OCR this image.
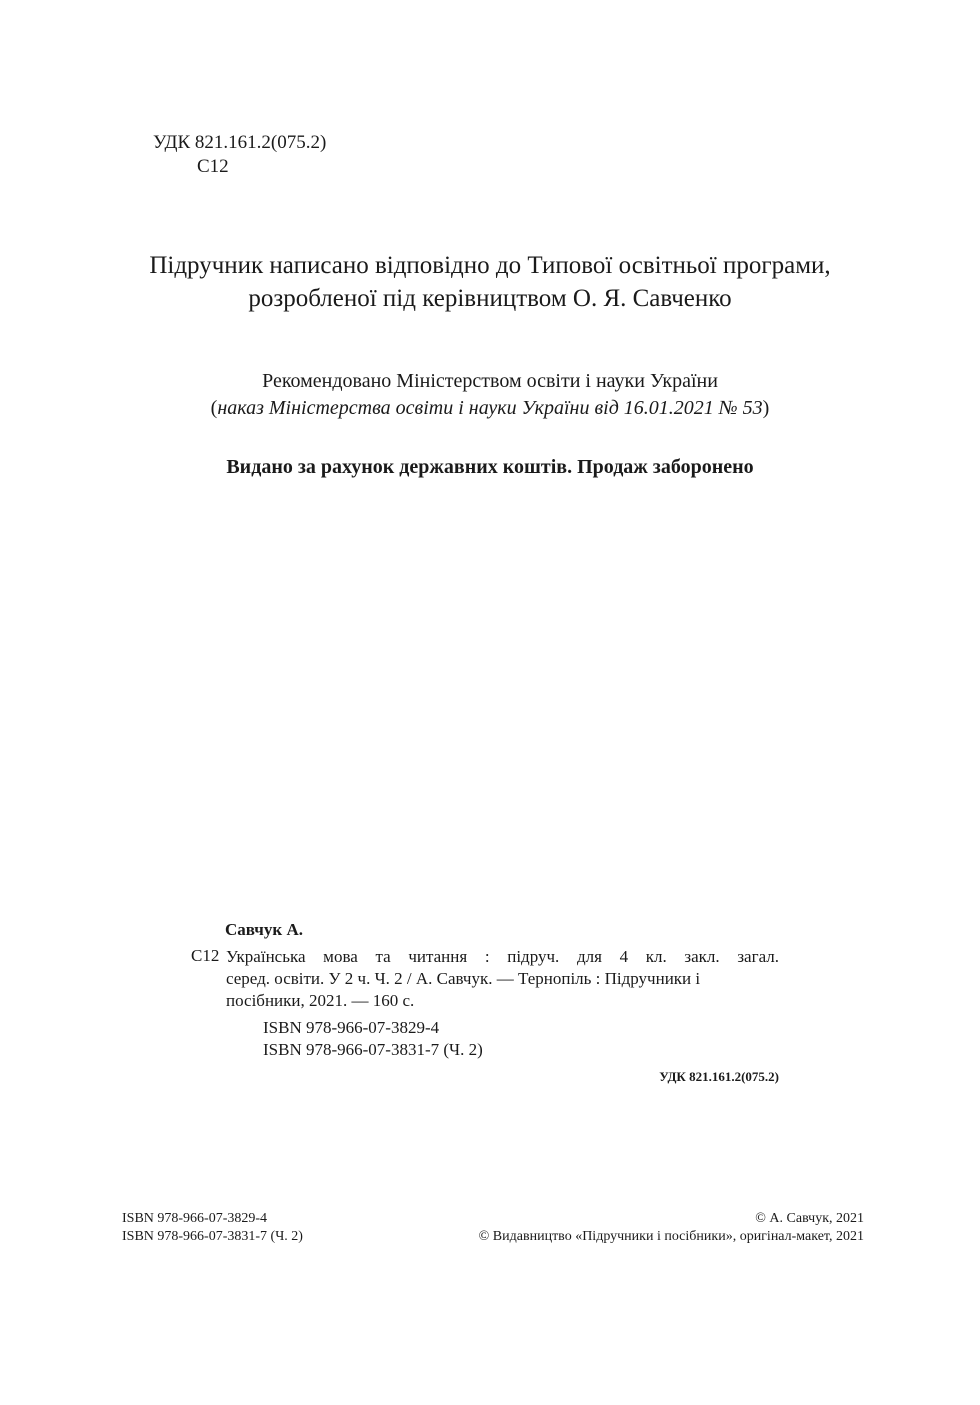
УДК 821.161.2(075.2)
С12
Підручник написано відповідно до Типової освітньої програми,
розробленої під керівництвом О. Я. Савченко
Рекомендовано Міністерством освіти і науки України
(наказ Міністерства освіти і науки України від 16.01.2021 № 53)
Видано за рахунок державних коштів. Продаж заборонено
Савчук А.
С12 Українська мова та читання : підруч. для 4 кл. закл. загал.
серед. освіти. У 2 ч. Ч. 2 / А. Савчук. — Тернопіль : Підручники і
посібники, 2021. — 160 с.
ISBN 978-966-07-3829-4
ISBN 978-966-07-3831-7 (Ч. 2)
УДК 821.161.2(075.2)
ISBN 978-966-07-3829-4
ISBN 978-966-07-3831-7 (Ч. 2)
© А. Савчук, 2021
© Видавництво «Підручники і посібники», оригінал-макет, 2021
